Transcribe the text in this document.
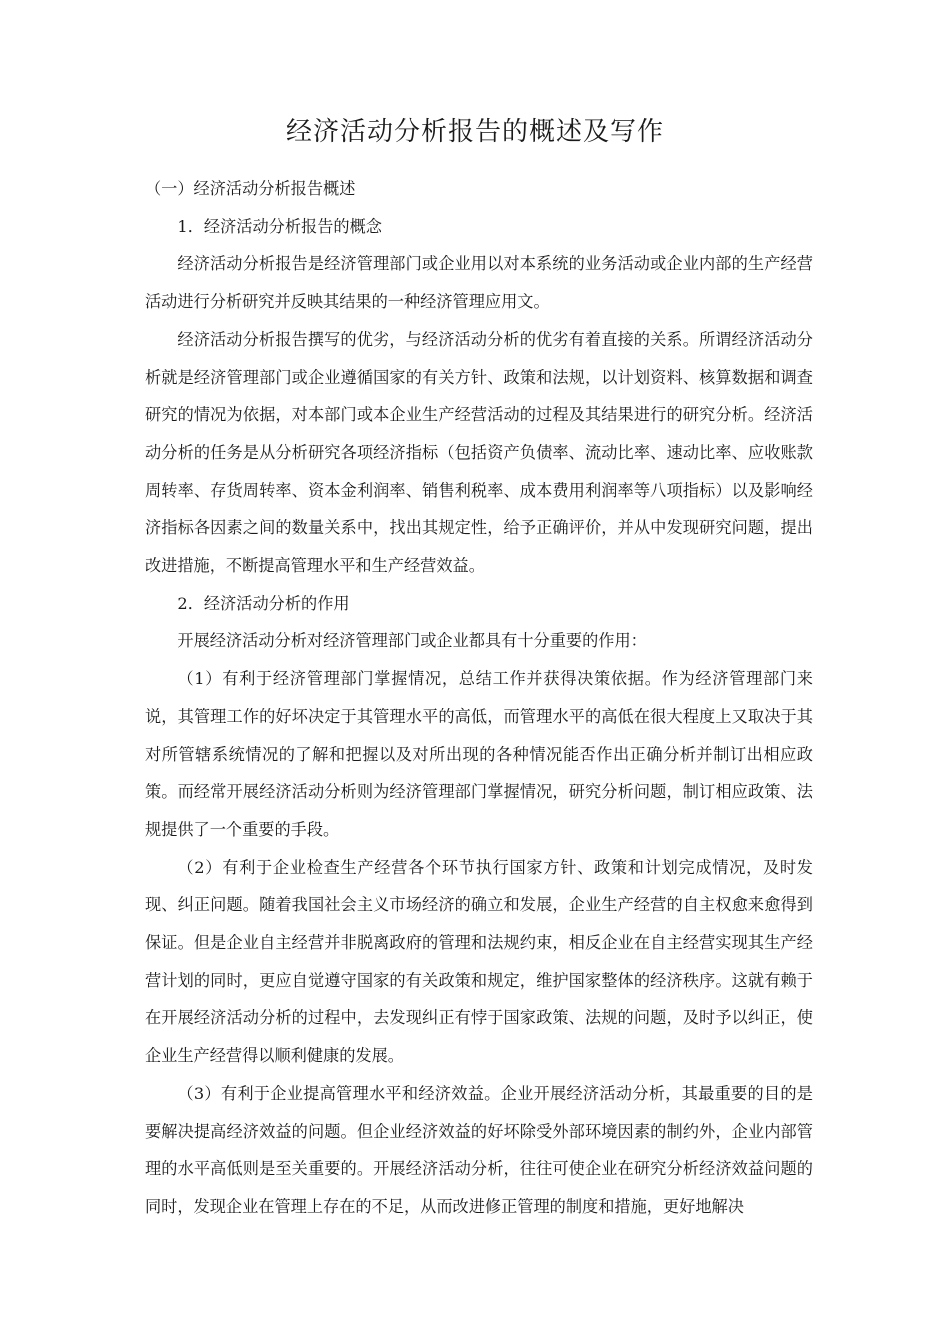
经济活动分析报告的概述及写作

（一）经济活动分析报告概述

1．经济活动分析报告的概念

经济活动分析报告是经济管理部门或企业用以对本系统的业务活动或企业内部的生产经营活动进行分析研究并反映其结果的一种经济管理应用文。

经济活动分析报告撰写的优劣，与经济活动分析的优劣有着直接的关系。所谓经济活动分析就是经济管理部门或企业遵循国家的有关方针、政策和法规，以计划资料、核算数据和调查研究的情况为依据，对本部门或本企业生产经营活动的过程及其结果进行的研究分析。经济活动分析的任务是从分析研究各项经济指标（包括资产负债率、流动比率、速动比率、应收账款周转率、存货周转率、资本金利润率、销售利税率、成本费用利润率等八项指标）以及影响经济指标各因素之间的数量关系中，找出其规定性，给予正确评价，并从中发现研究问题，提出改进措施，不断提高管理水平和生产经营效益。

2．经济活动分析的作用

开展经济活动分析对经济管理部门或企业都具有十分重要的作用：

（1）有利于经济管理部门掌握情况，总结工作并获得决策依据。作为经济管理部门来说，其管理工作的好坏决定于其管理水平的高低，而管理水平的高低在很大程度上又取决于其对所管辖系统情况的了解和把握以及对所出现的各种情况能否作出正确分析并制订出相应政策。而经常开展经济活动分析则为经济管理部门掌握情况，研究分析问题，制订相应政策、法规提供了一个重要的手段。

（2）有利于企业检查生产经营各个环节执行国家方针、政策和计划完成情况，及时发现、纠正问题。随着我国社会主义市场经济的确立和发展，企业生产经营的自主权愈来愈得到保证。但是企业自主经营并非脱离政府的管理和法规约束，相反企业在自主经营实现其生产经营计划的同时，更应自觉遵守国家的有关政策和规定，维护国家整体的经济秩序。这就有赖于在开展经济活动分析的过程中，去发现纠正有悖于国家政策、法规的问题，及时予以纠正，使企业生产经营得以顺利健康的发展。

（3）有利于企业提高管理水平和经济效益。企业开展经济活动分析，其最重要的目的是要解决提高经济效益的问题。但企业经济效益的好坏除受外部环境因素的制约外，企业内部管理的水平高低则是至关重要的。开展经济活动分析，往往可使企业在研究分析经济效益问题的同时，发现企业在管理上存在的不足，从而改进修正管理的制度和措施，更好地解决
